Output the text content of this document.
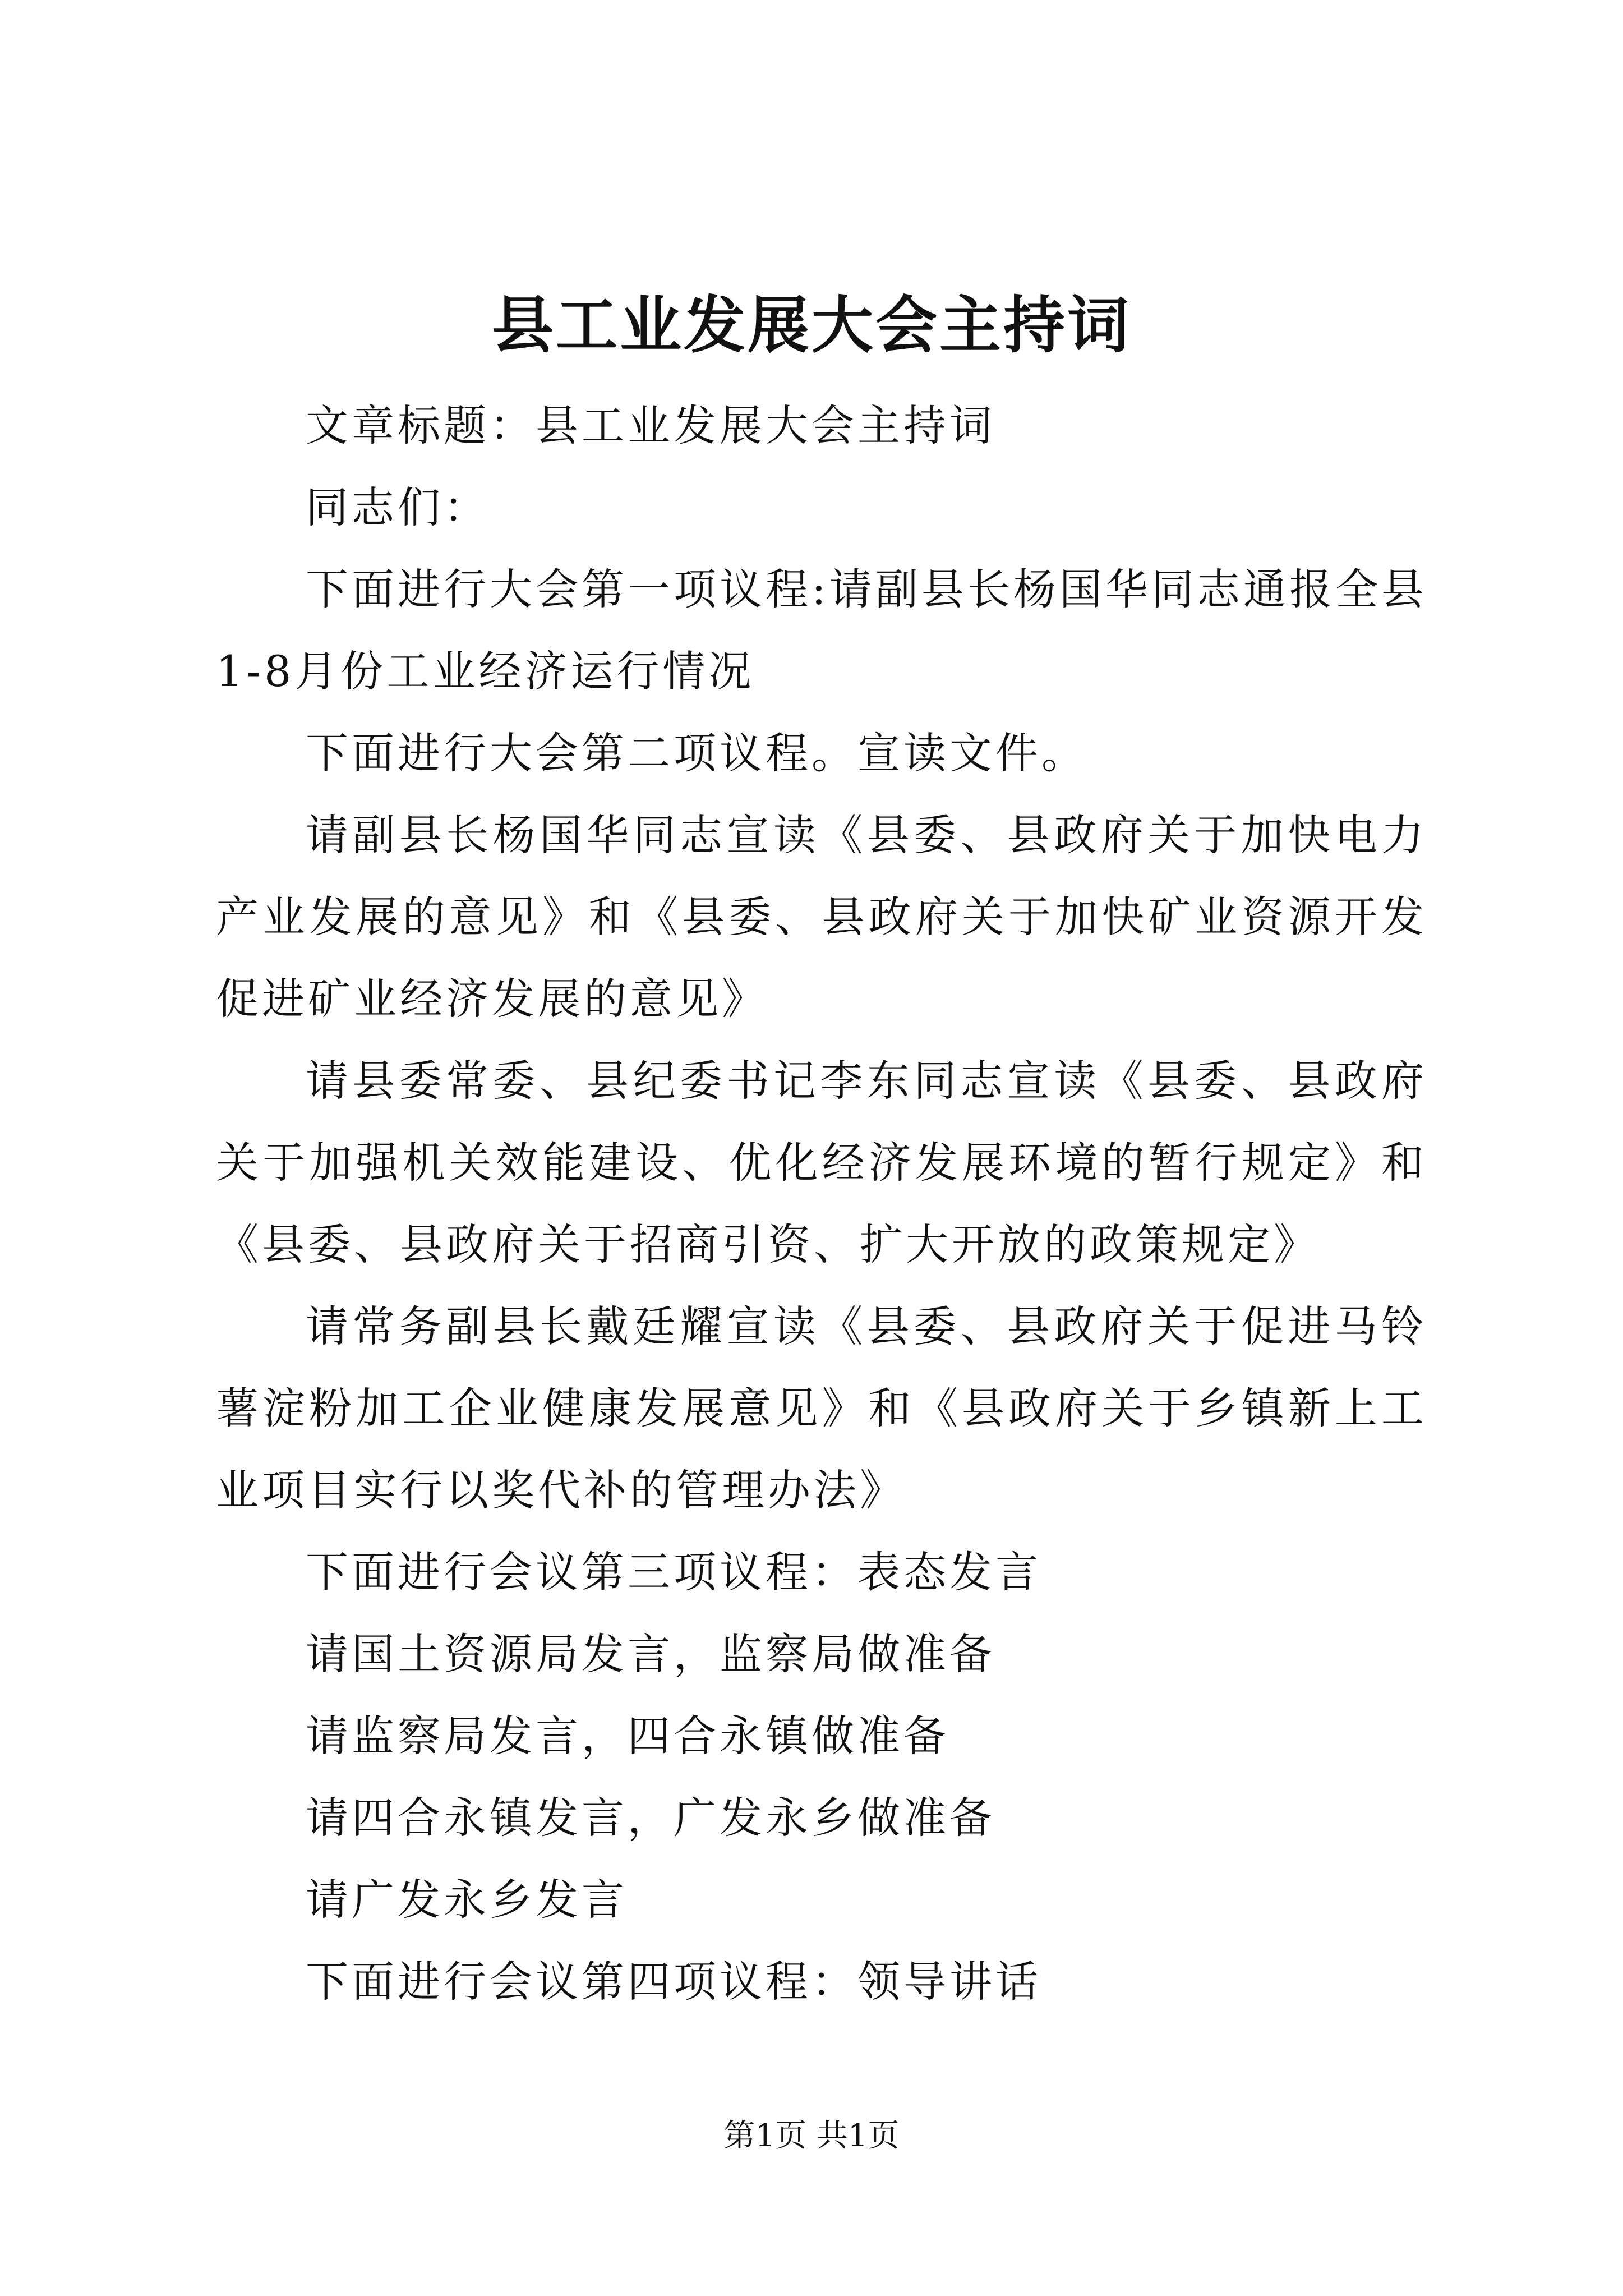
县工业发展大会主持词

文章标题：县工业发展大会主持词

同志们：

下面进行大会第一项议程:请副县长杨国华同志通报全县1-8月份工业经济运行情况

下面进行大会第二项议程。宣读文件。

请副县长杨国华同志宣读《县委、县政府关于加快电力产业发展的意见》和《县委、县政府关于加快矿业资源开发促进矿业经济发展的意见》

请县委常委、县纪委书记李东同志宣读《县委、县政府关于加强机关效能建设、优化经济发展环境的暂行规定》和《县委、县政府关于招商引资、扩大开放的政策规定》

请常务副县长戴廷耀宣读《县委、县政府关于促进马铃薯淀粉加工企业健康发展意见》和《县政府关于乡镇新上工业项目实行以奖代补的管理办法》

下面进行会议第三项议程：表态发言

请国土资源局发言，监察局做准备

请监察局发言，四合永镇做准备

请四合永镇发言，广发永乡做准备

请广发永乡发言

下面进行会议第四项议程：领导讲话

第1页 共1页
